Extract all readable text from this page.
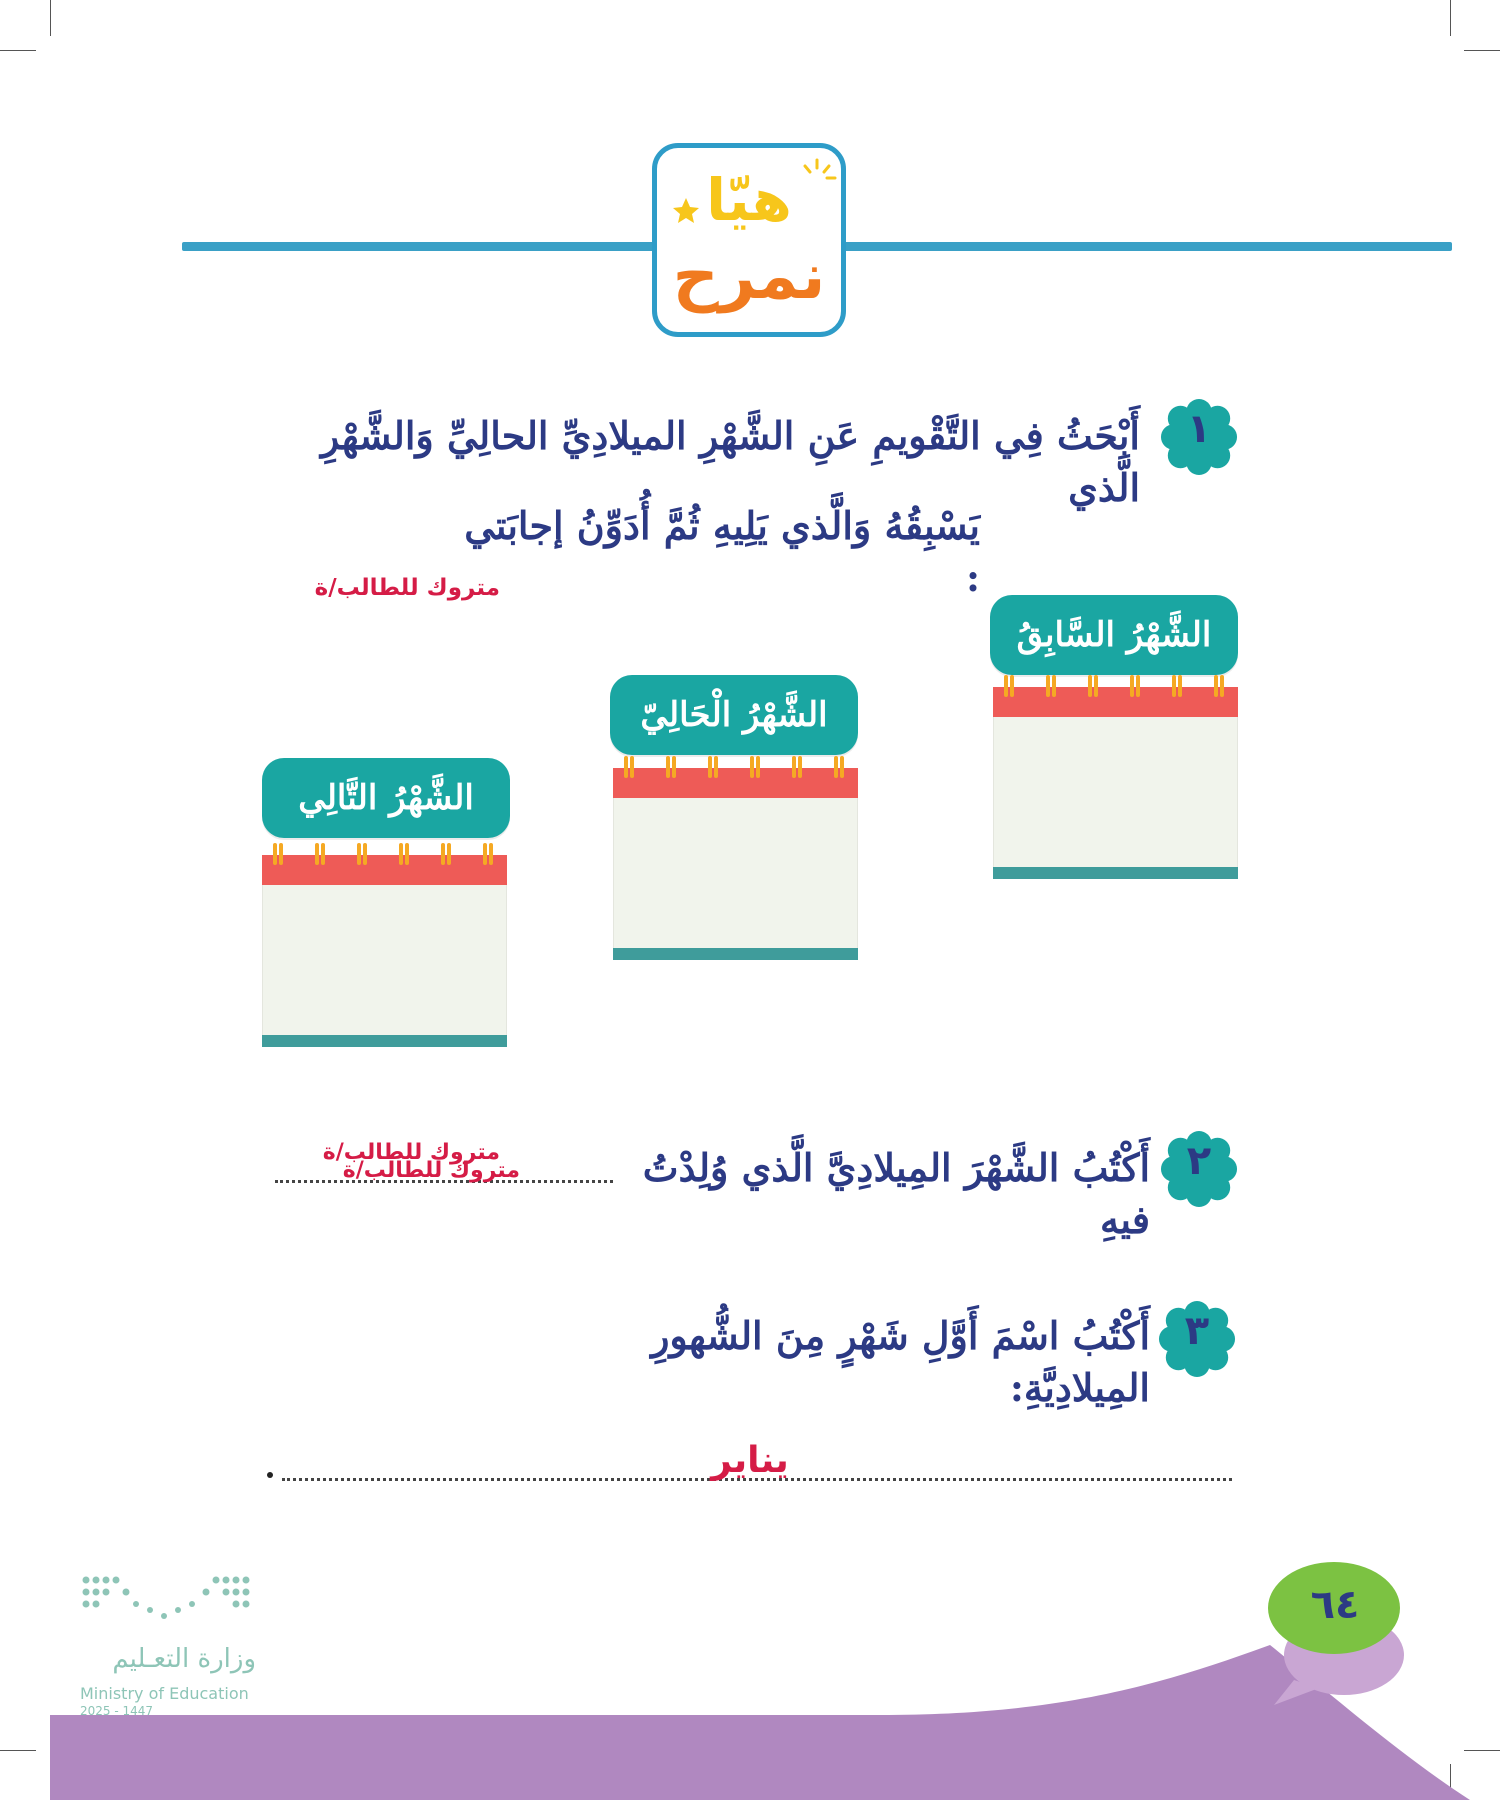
هيّا
نمرح
١
أَبْحَثُ فِي التَّقْويمِ عَنِ الشَّهْرِ الميلادِيِّ الحالِيِّ وَالشَّهْرِ الَّذي
يَسْبِقُهُ وَالَّذي يَلِيهِ ثُمَّ أُدَوِّنُ إجابَتي :
متروك للطالب/ة
الشَّهْرُ السَّابِقُ
الشَّهْرُ الْحَالِيّ
الشَّهْرُ التَّالِي
٢
أَكْتُبُ الشَّهْرَ المِيلادِيَّ الَّذي وُلِدْتُ فيهِ
متروك للطالب/ة
متروك للطالب/ة
٣
أَكْتُبُ اسْمَ أَوَّلِ شَهْرٍ مِنَ الشُّهورِ المِيلادِيَّةِ:
يناير
٦٤
وزارة التعـليم
Ministry of Education
2025 - 1447
